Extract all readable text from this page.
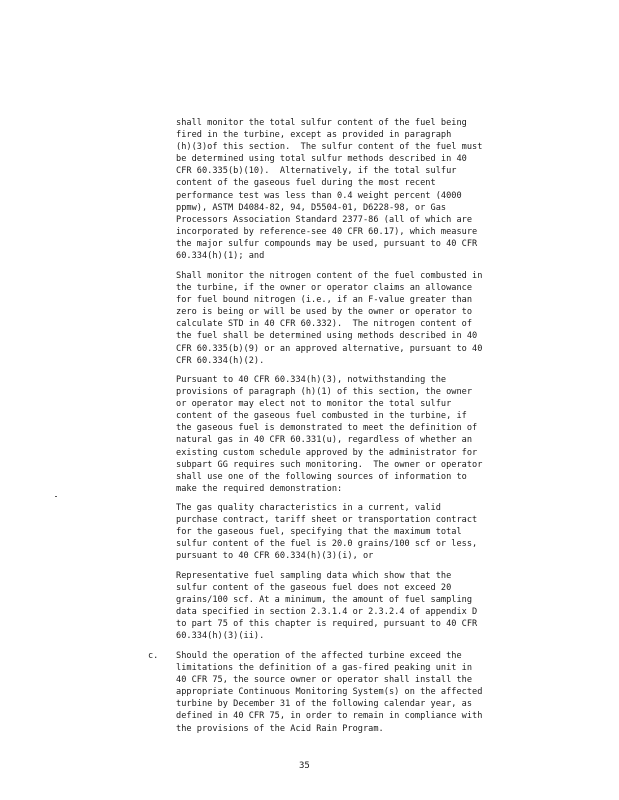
shall monitor the total sulfur content of the fuel being
fired in the turbine, except as provided in paragraph
(h)(3)of this section.  The sulfur content of the fuel must
be determined using total sulfur methods described in 40
CFR 60.335(b)(10).  Alternatively, if the total sulfur
content of the gaseous fuel during the most recent
performance test was less than 0.4 weight percent (4000
ppmw), ASTM D4084-82, 94, D5504-01, D6228-98, or Gas
Processors Association Standard 2377-86 (all of which are
incorporated by reference-see 40 CFR 60.17), which measure
the major sulfur compounds may be used, pursuant to 40 CFR
60.334(h)(1); and

Shall monitor the nitrogen content of the fuel combusted in
the turbine, if the owner or operator claims an allowance
for fuel bound nitrogen (i.e., if an F-value greater than
zero is being or will be used by the owner or operator to
calculate STD in 40 CFR 60.332).  The nitrogen content of
the fuel shall be determined using methods described in 40
CFR 60.335(b)(9) or an approved alternative, pursuant to 40
CFR 60.334(h)(2).

Pursuant to 40 CFR 60.334(h)(3), notwithstanding the
provisions of paragraph (h)(1) of this section, the owner
or operator may elect not to monitor the total sulfur
content of the gaseous fuel combusted in the turbine, if
the gaseous fuel is demonstrated to meet the definition of
natural gas in 40 CFR 60.331(u), regardless of whether an
existing custom schedule approved by the administrator for
subpart GG requires such monitoring.  The owner or operator
shall use one of the following sources of information to
make the required demonstration:

The gas quality characteristics in a current, valid
purchase contract, tariff sheet or transportation contract
for the gaseous fuel, specifying that the maximum total
sulfur content of the fuel is 20.0 grains/100 scf or less,
pursuant to 40 CFR 60.334(h)(3)(i), or

Representative fuel sampling data which show that the
sulfur content of the gaseous fuel does not exceed 20
grains/100 scf. At a minimum, the amount of fuel sampling
data specified in section 2.3.1.4 or 2.3.2.4 of appendix D
to part 75 of this chapter is required, pursuant to 40 CFR
60.334(h)(3)(ii).

c. Should the operation of the affected turbine exceed the
limitations the definition of a gas-fired peaking unit in
40 CFR 75, the source owner or operator shall install the
appropriate Continuous Monitoring System(s) on the affected
turbine by December 31 of the following calendar year, as
defined in 40 CFR 75, in order to remain in compliance with
the provisions of the Acid Rain Program.

35
